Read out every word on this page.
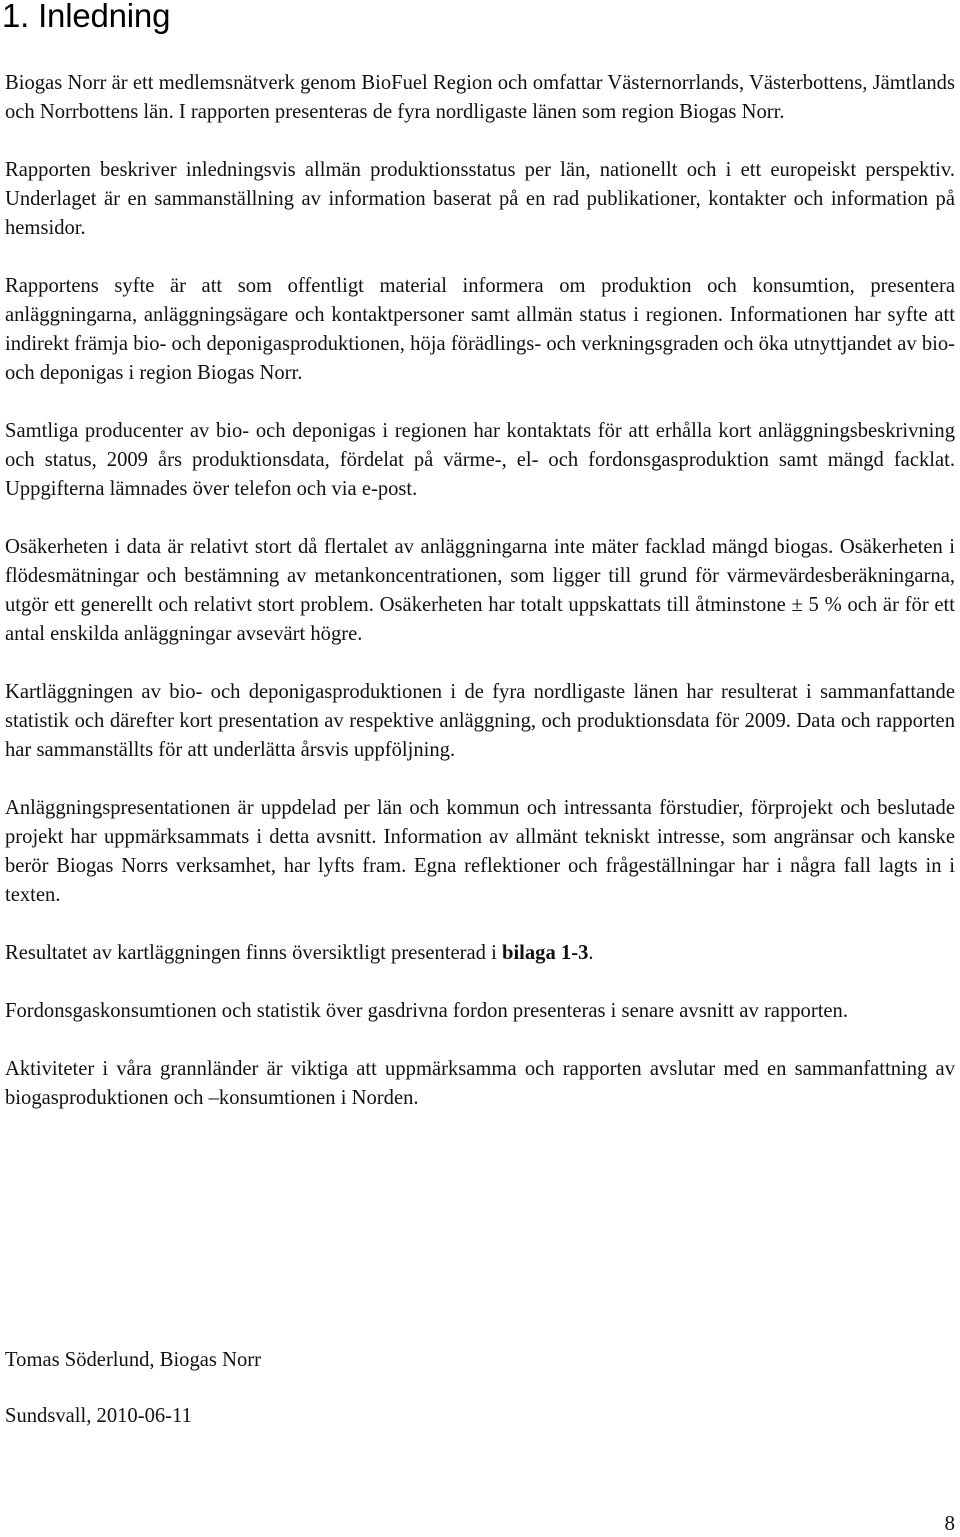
1. Inledning

Biogas Norr är ett medlemsnätverk genom BioFuel Region och omfattar Västernorrlands, Västerbottens, Jämtlands och Norrbottens län. I rapporten presenteras de fyra nordligaste länen som region Biogas Norr.

Rapporten beskriver inledningsvis allmän produktionsstatus per län, nationellt och i ett europeiskt perspektiv. Underlaget är en sammanställning av information baserat på en rad publikationer, kontakter och information på hemsidor.

Rapportens syfte är att som offentligt material informera om produktion och konsumtion, presentera anläggningarna, anläggningsägare och kontaktpersoner samt allmän status i regionen. Informationen har syfte att indirekt främja bio- och deponigasproduktionen, höja förädlings- och verkningsgraden och öka utnyttjandet av bio- och deponigas i region Biogas Norr.

Samtliga producenter av bio- och deponigas i regionen har kontaktats för att erhålla kort anläggningsbeskrivning och status, 2009 års produktionsdata, fördelat på värme-, el- och fordonsgasproduktion samt mängd facklat. Uppgifterna lämnades över telefon och via e-post.

Osäkerheten i data är relativt stort då flertalet av anläggningarna inte mäter facklad mängd biogas. Osäkerheten i flödesmätningar och bestämning av metankoncentrationen, som ligger till grund för värmevärdesberäkningarna, utgör ett generellt och relativt stort problem. Osäkerheten har totalt uppskattats till åtminstone ± 5 % och är för ett antal enskilda anläggningar avsevärt högre.

Kartläggningen av bio- och deponigasproduktionen i de fyra nordligaste länen har resulterat i sammanfattande statistik och därefter kort presentation av respektive anläggning, och produktionsdata för 2009. Data och rapporten har sammanställts för att underlätta årsvis uppföljning.

Anläggningspresentationen är uppdelad per län och kommun och intressanta förstudier, förprojekt och beslutade projekt har uppmärksammats i detta avsnitt. Information av allmänt tekniskt intresse, som angränsar och kanske berör Biogas Norrs verksamhet, har lyfts fram. Egna reflektioner och frågeställningar har i några fall lagts in i texten.

Resultatet av kartläggningen finns översiktligt presenterad i bilaga 1-3.

Fordonsgaskonsumtionen och statistik över gasdrivna fordon presenteras i senare avsnitt av rapporten.

Aktiviteter i våra grannländer är viktiga att uppmärksamma och rapporten avslutar med en sammanfattning av biogasproduktionen och –konsumtionen i Norden.

Tomas Söderlund, Biogas Norr

Sundsvall, 2010-06-11

8
